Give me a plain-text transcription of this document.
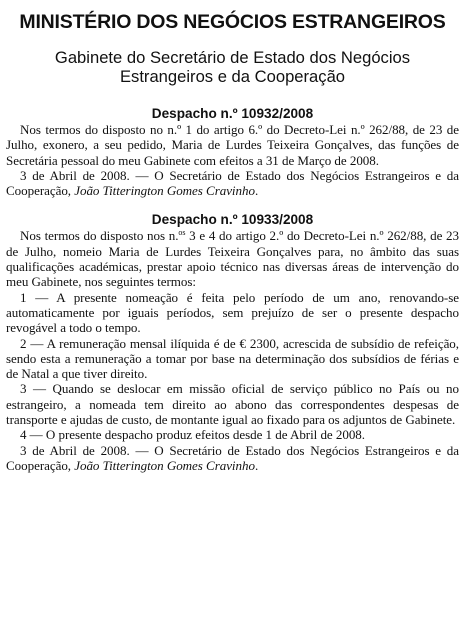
MINISTÉRIO DOS NEGÓCIOS ESTRANGEIROS
Gabinete do Secretário de Estado dos Negócios
Estrangeiros e da Cooperação
Despacho n.º 10932/2008

Nos termos do disposto no n.º 1 do artigo 6.º do Decreto-Lei n.º 262/88, de 23 de Julho, exonero, a seu pedido, Maria de Lurdes Teixeira Gonçalves, das funções de Secretária pessoal do meu Gabinete com efeitos a 31 de Março de 2008.

3 de Abril de 2008. — O Secretário de Estado dos Negócios Estrangeiros e da Cooperação, João Titterington Gomes Cravinho.

Despacho n.º 10933/2008

Nos termos do disposto nos n.$^{os}$ 3 e 4 do artigo 2.º do Decreto-Lei n.º 262/88, de 23 de Julho, nomeio Maria de Lurdes Teixeira Gonçalves para, no âmbito das suas qualificações académicas, prestar apoio técnico nas diversas áreas de intervenção do meu Gabinete, nos seguintes termos:

1 — A presente nomeação é feita pelo período de um ano, renovando-se automaticamente por iguais períodos, sem prejuízo de ser o presente despacho revogável a todo o tempo.

2 — A remuneração mensal ilíquida é de € 2300, acrescida de subsídio de refeição, sendo esta a remuneração a tomar por base na determinação dos subsídios de férias e de Natal a que tiver direito.

3 — Quando se deslocar em missão oficial de serviço público no País ou no estrangeiro, a nomeada tem direito ao abono das correspondentes despesas de transporte e ajudas de custo, de montante igual ao fixado para os adjuntos de Gabinete.

4 — O presente despacho produz efeitos desde 1 de Abril de 2008.

3 de Abril de 2008. — O Secretário de Estado dos Negócios Estrangeiros e da Cooperação, João Titterington Gomes Cravinho.
